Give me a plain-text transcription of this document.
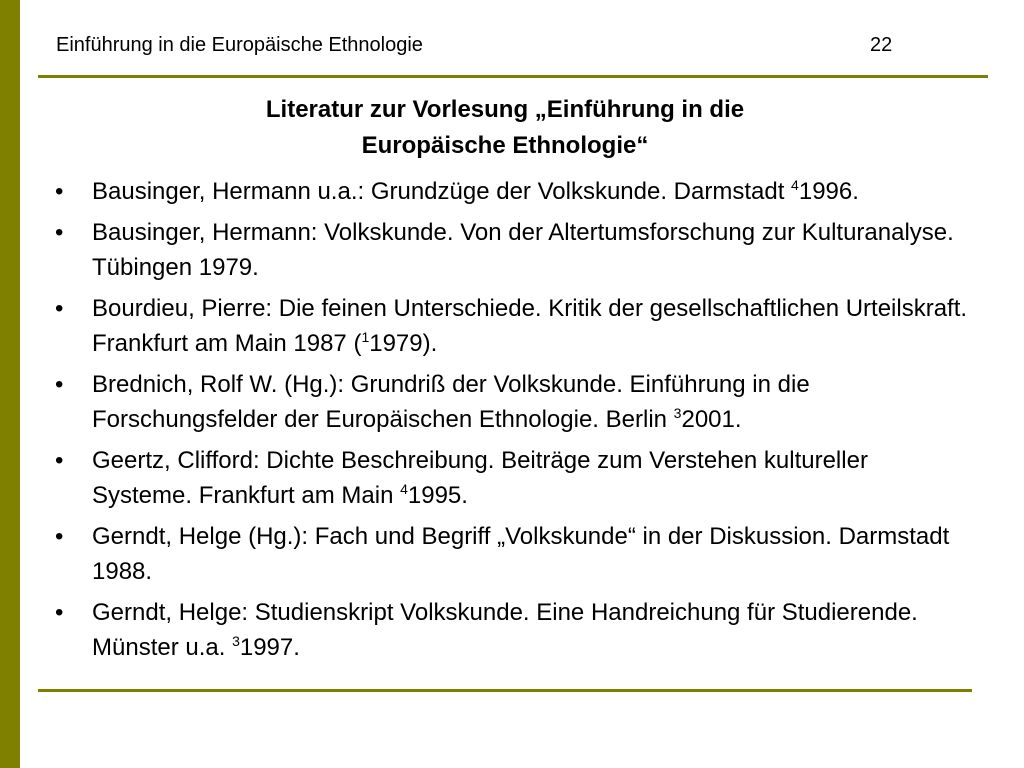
Einführung in die Europäische Ethnologie	22
Literatur zur Vorlesung „Einführung in die
Europäische Ethnologie“
• Bausinger, Hermann u.a.: Grundzüge der Volkskunde. Darmstadt $^4$1996.
• Bausinger, Hermann: Volkskunde. Von der Altertumsforschung zur Kulturanalyse. Tübingen 1979.
• Bourdieu, Pierre: Die feinen Unterschiede. Kritik der gesellschaftlichen Urteilskraft. Frankfurt am Main 1987 ($^1$1979).
• Brednich, Rolf W. (Hg.): Grundriß der Volkskunde. Einführung in die Forschungsfelder der Europäischen Ethnologie. Berlin $^3$2001.
• Geertz, Clifford: Dichte Beschreibung. Beiträge zum Verstehen kultureller Systeme. Frankfurt am Main $^4$1995.
• Gerndt, Helge (Hg.): Fach und Begriff „Volkskunde“ in der Diskussion. Darmstadt 1988.
• Gerndt, Helge: Studienskript Volkskunde. Eine Handreichung für Studierende. Münster u.a. $^3$1997.
